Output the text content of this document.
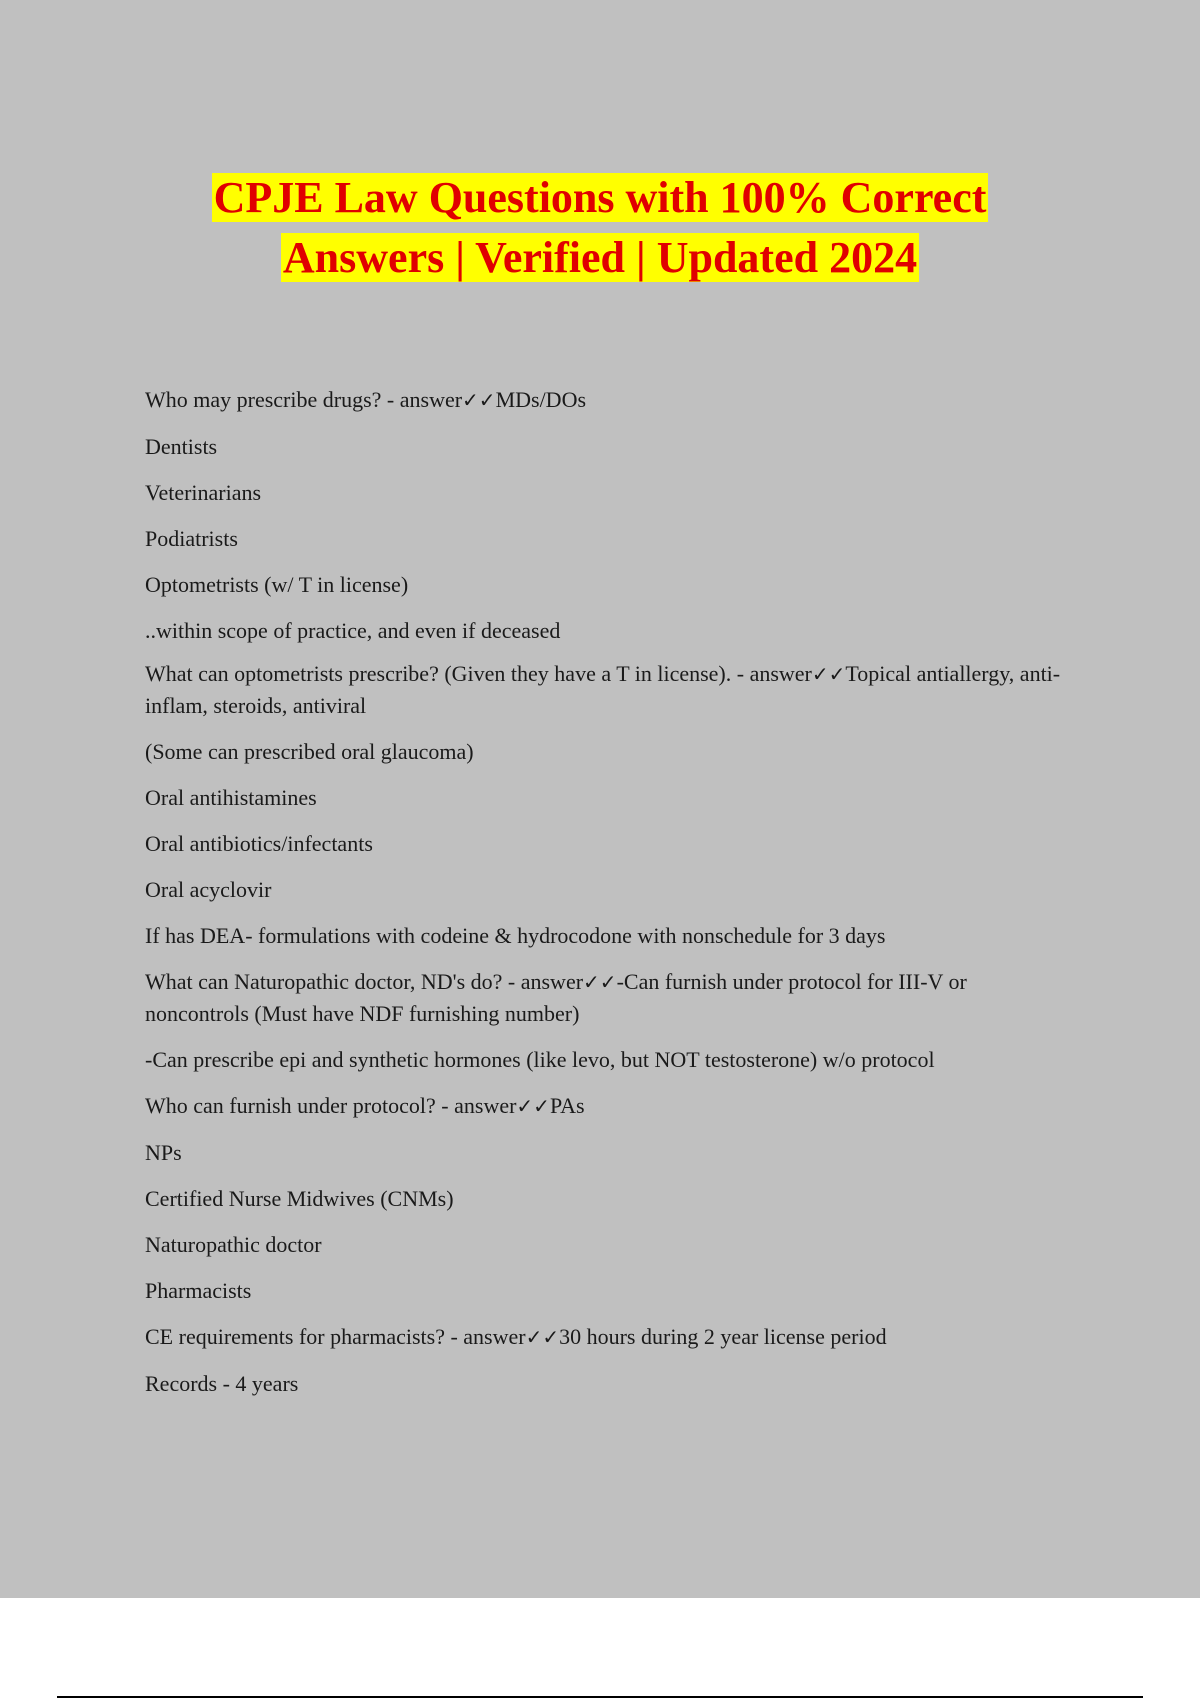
CPJE Law Questions with 100% Correct
Answers | Verified | Updated 2024

Who may prescribe drugs? - answer✓✓MDs/DOs

Dentists

Veterinarians

Podiatrists

Optometrists (w/ T in license)

..within scope of practice, and even if deceased

What can optometrists prescribe? (Given they have a T in license). - answer✓✓Topical antiallergy, anti-inflam, steroids, antiviral

(Some can prescribed oral glaucoma)

Oral antihistamines

Oral antibiotics/infectants

Oral acyclovir

If has DEA- formulations with codeine & hydrocodone with nonschedule for 3 days

What can Naturopathic doctor, ND's do? - answer✓✓-Can furnish under protocol for III-V or noncontrols (Must have NDF furnishing number)

-Can prescribe epi and synthetic hormones (like levo, but NOT testosterone) w/o protocol

Who can furnish under protocol? - answer✓✓PAs

NPs

Certified Nurse Midwives (CNMs)

Naturopathic doctor

Pharmacists

CE requirements for pharmacists? - answer✓✓30 hours during 2 year license period

Records - 4 years
